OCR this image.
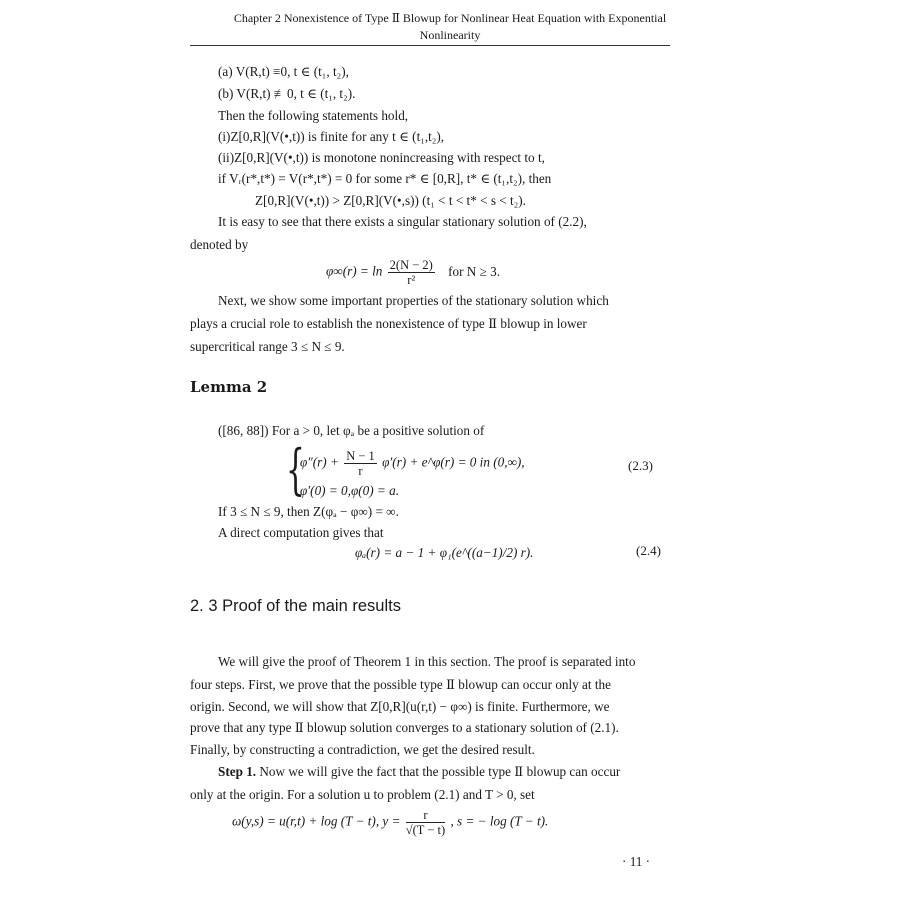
Chapter 2 Nonexistence of Type Ⅱ Blowup for Nonlinear Heat Equation with Exponential
Nonlinearity
(a) V(R,t) ≡0, t ∈ (t₁, t₂),
(b) V(R,t) ≢0, t ∈ (t₁, t₂).
Then the following statements hold,
(i)Z[0,R](V(•,t)) is finite for any t ∈ (t₁,t₂),
(ii)Z[0,R](V(•,t)) is monotone nonincreasing with respect to t,
if Vᵣ(r*,t*) = V(r*,t*) = 0 for some r* ∈ [0,R], t* ∈ (t₁,t₂), then
Z[0,R](V(•,t)) > Z[0,R](V(•,s)) (t₁ < t < t* < s < t₂).
It is easy to see that there exists a singular stationary solution of (2.2),
denoted by
$\varphi\infty(r) = \ln \frac{2(N - 2)}{\text{r²}}$ for N ≥ 3.
Next, we show some important properties of the stationary solution which
plays a crucial role to establish the nonexistence of type Ⅱ blowup in lower
supercritical range 3 ≤ N ≤ 9.
Lemma 2
([86, 88]) For a > 0, let φₐ be a positive solution of
{
$\varphi''(r) + \frac{N - 1}{r} \varphi'(r)$ + e^φ(r) = 0 in (0,∞),	(2.3)
φ′(0) = 0,φ(0) = a.
If 3 ≤ N ≤ 9, then Z(φₐ − φ∞) = ∞.
A direct computation gives that
φₐ(r) = a − 1 + φ₁(e^((a−1)/2) r).	(2.4)
2. 3 Proof of the main results
We will give the proof of Theorem 1 in this section. The proof is separated into
four steps. First, we prove that the possible type Ⅱ blowup can occur only at the
origin. Second, we will show that Z[0,R](u(r,t) − φ∞) is finite. Furthermore, we
prove that any type Ⅱ blowup solution converges to a stationary solution of (2.1).
Finally, by constructing a contradiction, we get the desired result.
Step 1. Now we will give the fact that the possible type Ⅱ blowup can occur
only at the origin. For a solution u to problem (2.1) and T > 0, set
ω(y,s) = u(r,t) + log (T − t), $y = \frac{r}{√(T - t)}$ , s = − log (T − t).
· 11 ·
